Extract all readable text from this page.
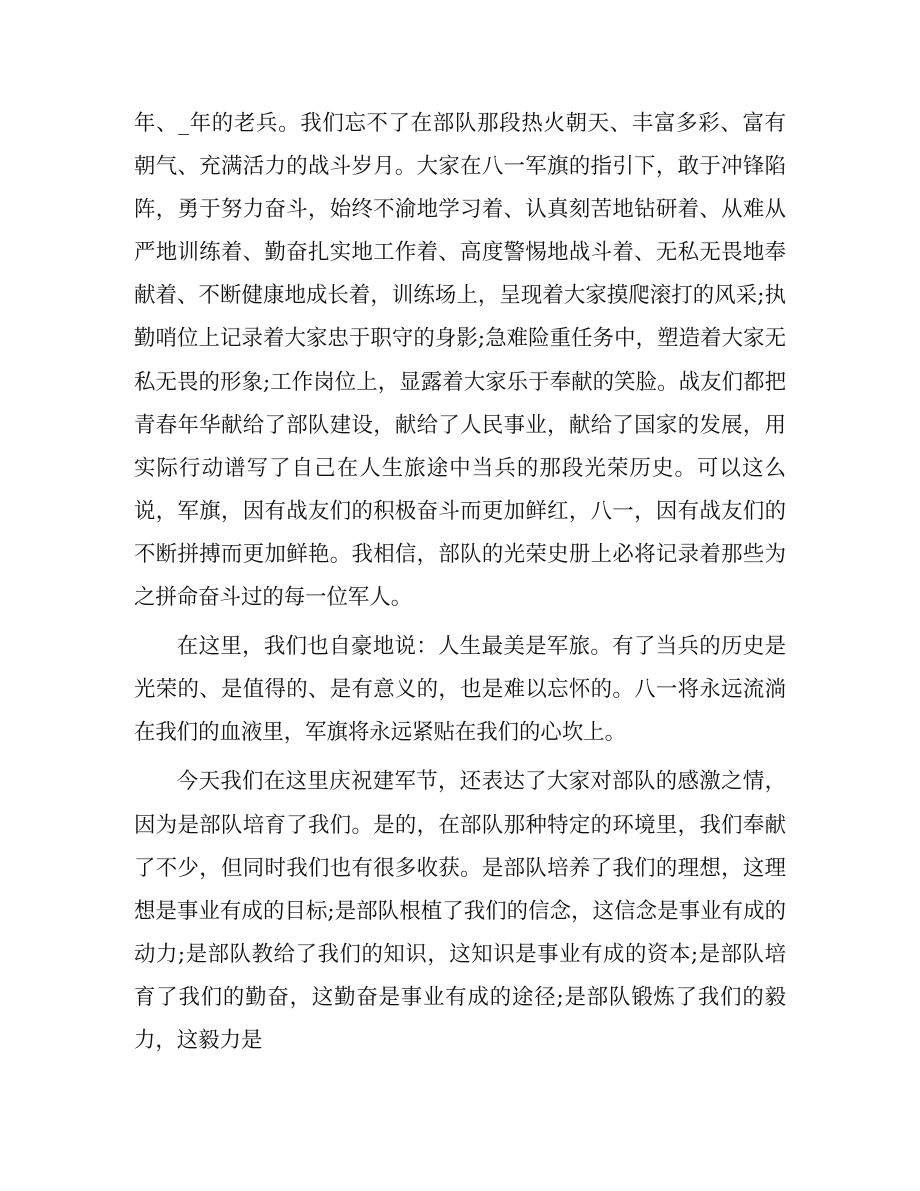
年、_年的老兵。我们忘不了在部队那段热火朝天、丰富多彩、富有朝气、充满活力的战斗岁月。大家在八一军旗的指引下，敢于冲锋陷阵，勇于努力奋斗，始终不渝地学习着、认真刻苦地钻研着、从难从严地训练着、勤奋扎实地工作着、高度警惕地战斗着、无私无畏地奉献着、不断健康地成长着，训练场上，呈现着大家摸爬滚打的风采;执勤哨位上记录着大家忠于职守的身影;急难险重任务中，塑造着大家无私无畏的形象;工作岗位上，显露着大家乐于奉献的笑脸。战友们都把青春年华献给了部队建设，献给了人民事业，献给了国家的发展，用实际行动谱写了自己在人生旅途中当兵的那段光荣历史。可以这么说，军旗，因有战友们的积极奋斗而更加鲜红，八一，因有战友们的不断拼搏而更加鲜艳。我相信，部队的光荣史册上必将记录着那些为之拼命奋斗过的每一位军人。

在这里，我们也自豪地说：人生最美是军旅。有了当兵的历史是光荣的、是值得的、是有意义的，也是难以忘怀的。八一将永远流淌在我们的血液里，军旗将永远紧贴在我们的心坎上。

今天我们在这里庆祝建军节，还表达了大家对部队的感激之情，因为是部队培育了我们。是的，在部队那种特定的环境里，我们奉献了不少，但同时我们也有很多收获。是部队培养了我们的理想，这理想是事业有成的目标;是部队根植了我们的信念，这信念是事业有成的动力;是部队教给了我们的知识，这知识是事业有成的资本;是部队培育了我们的勤奋，这勤奋是事业有成的途径;是部队锻炼了我们的毅力，这毅力是
